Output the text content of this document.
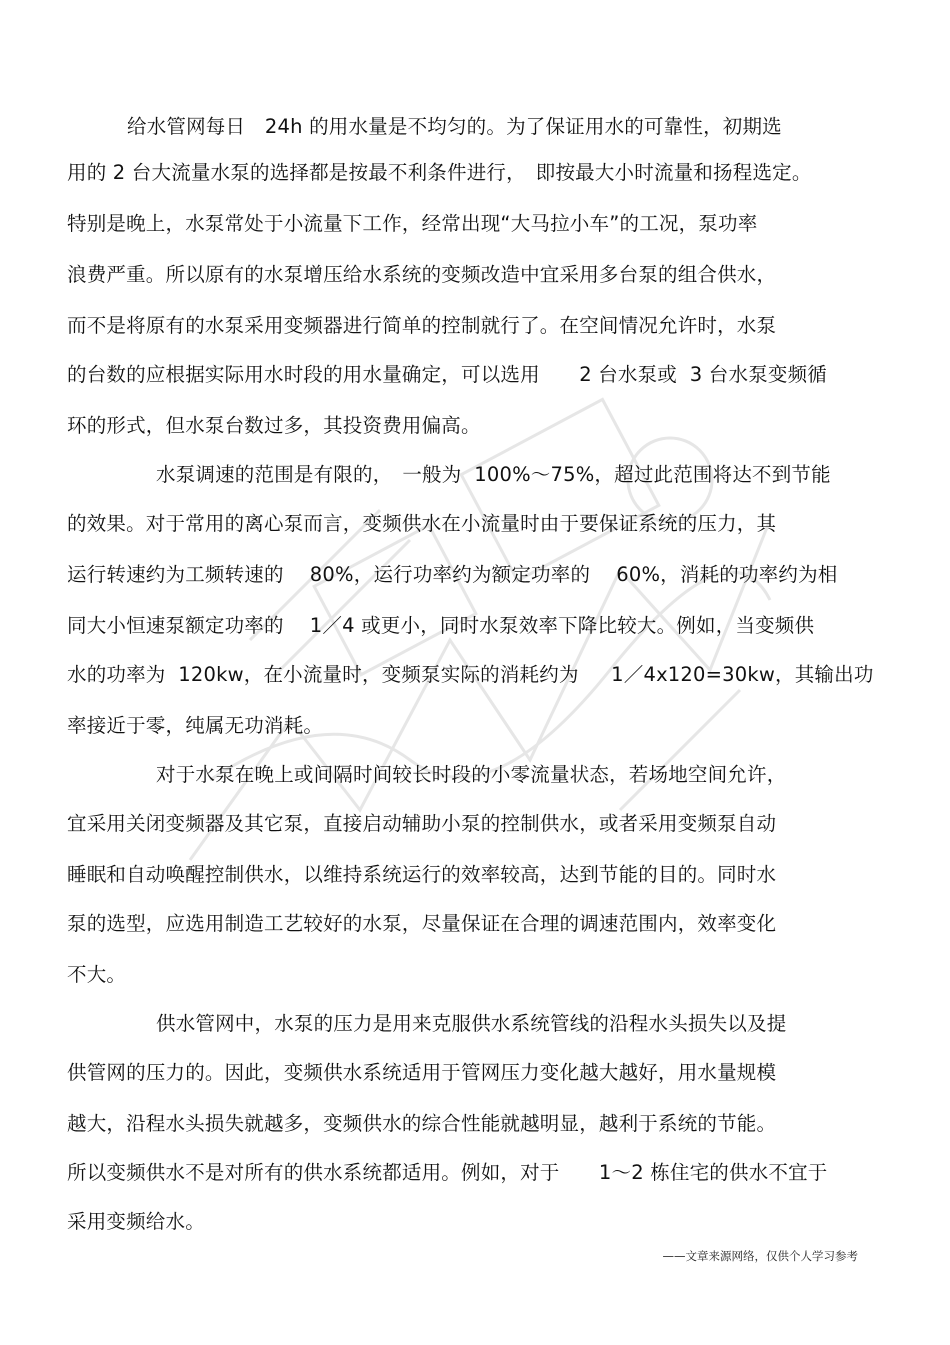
给水管网每日　24h 的用水量是不均匀的。为了保证用水的可靠性，初期选

用的 2 台大流量水泵的选择都是按最不利条件进行，　即按最大小时流量和扬程选定。

特别是晚上，水泵常处于小流量下工作，经常出现“大马拉小车”的工况，泵功率

浪费严重。所以原有的水泵增压给水系统的变频改造中宜采用多台泵的组合供水，

而不是将原有的水泵采用变频器进行简单的控制就行了。在空间情况允许时，水泵

的台数的应根据实际用水时段的用水量确定，可以选用　　2 台水泵或  3 台水泵变频循

环的形式，但水泵台数过多，其投资费用偏高。

水泵调速的范围是有限的，　一般为  100%～75%，超过此范围将达不到节能

的效果。对于常用的离心泵而言，变频供水在小流量时由于要保证系统的压力，其

运行转速约为工频转速的　 80%，运行功率约为额定功率的　 60%，消耗的功率约为相

同大小恒速泵额定功率的　 1／4 或更小，同时水泵效率下降比较大。例如，当变频供

水的功率为  120kw，在小流量时，变频泵实际的消耗约为　  1／4x120=30kw，其输出功

率接近于零，纯属无功消耗。

对于水泵在晚上或间隔时间较长时段的小零流量状态，若场地空间允许，

宜采用关闭变频器及其它泵，直接启动辅助小泵的控制供水，或者采用变频泵自动

睡眠和自动唤醒控制供水，以维持系统运行的效率较高，达到节能的目的。同时水

泵的选型，应选用制造工艺较好的水泵，尽量保证在合理的调速范围内，效率变化

不大。

供水管网中，水泵的压力是用来克服供水系统管线的沿程水头损失以及提

供管网的压力的。因此，变频供水系统适用于管网压力变化越大越好，用水量规模

越大，沿程水头损失就越多，变频供水的综合性能就越明显，越利于系统的节能。

所以变频供水不是对所有的供水系统都适用。例如，对于　　1～2 栋住宅的供水不宜于

采用变频给水。

——文章来源网络，仅供个人学习参考
